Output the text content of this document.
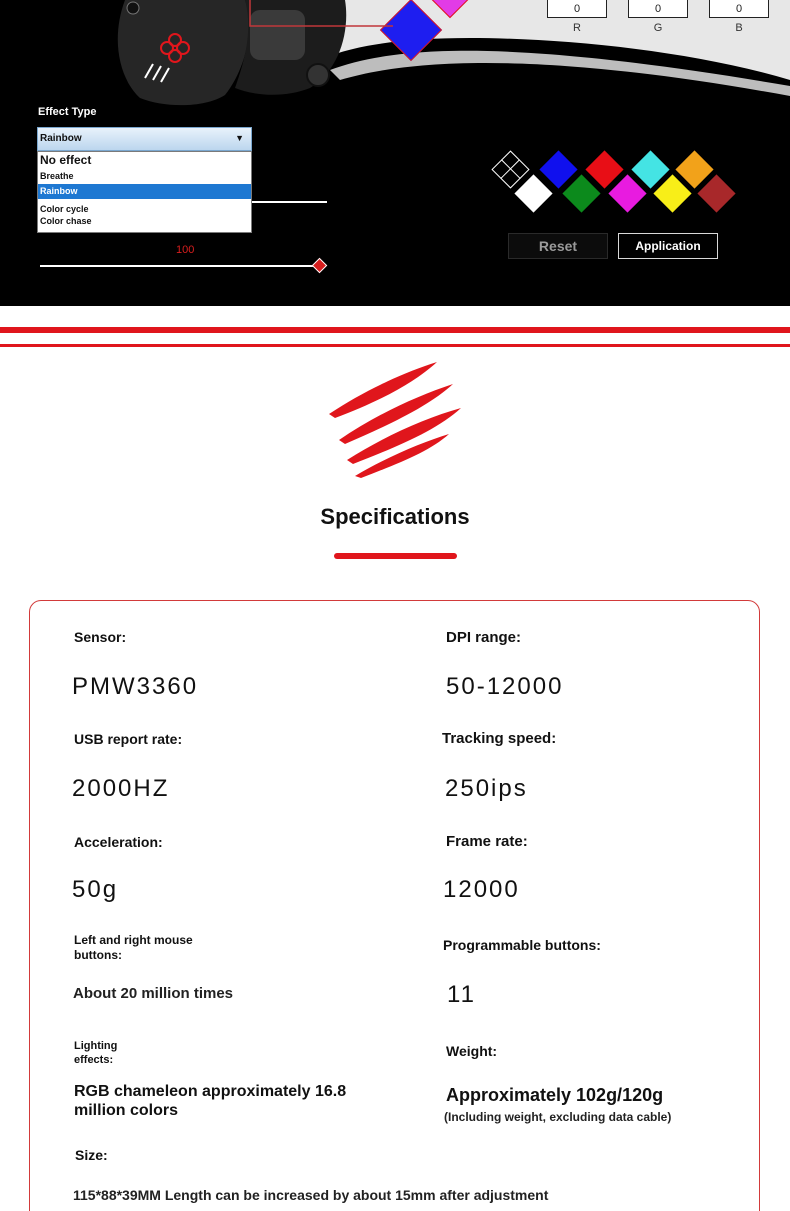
0
R
0
G
0
B
Effect Type
Rainbow	▼
100
No effect
Breathe
Rainbow
Color cycle
Color chase
Reset	Application
Specifications
Sensor:
PMW3360
DPI range:
50-12000
USB report rate:
2000HZ
Tracking speed:
250ips
Acceleration:
50g
Frame rate:
12000
Left and right mouse buttons:
About 20 million times
Programmable buttons:
11
Lighting effects:
RGB chameleon approximately 16.8 million colors
Weight:
Approximately 102g/120g
(Including weight, excluding data cable)
Size:
115*88*39MM Length can be increased by about 15mm after adjustment
